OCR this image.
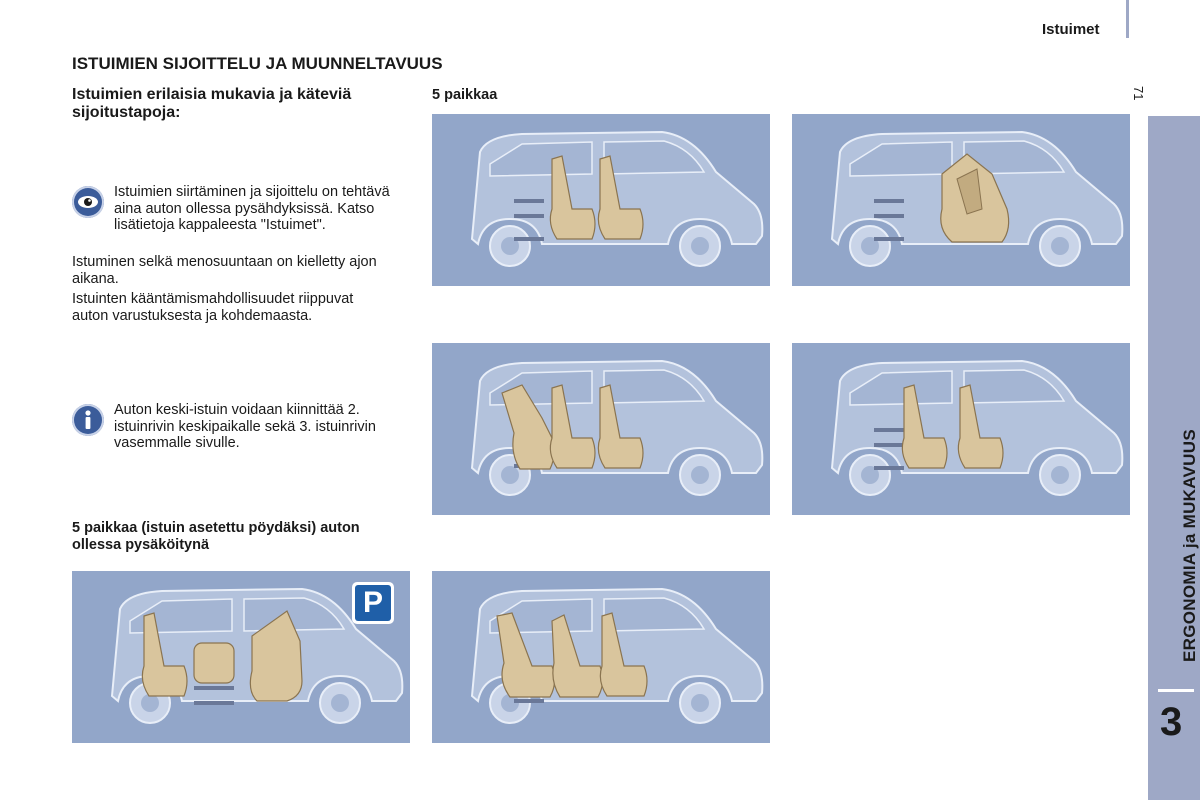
Istuimet
71
ERGONOMIA ja MUKAVUUS
3
ISTUIMIEN SIJOITTELU JA MUUNNELTAVUUS
Istuimien erilaisia mukavia ja käteviä sijoitustapoja:
Istuimien siirtäminen ja sijoittelu on tehtävä aina auton ollessa pysähdyksissä. Katso lisätietoja kappaleesta "Istuimet".
Istuminen selkä menosuuntaan on kielletty ajon aikana.
Istuinten kääntämismahdollisuudet riippuvat auton varustuksesta ja kohdemaasta.
Auton keski-istuin voidaan kiinnittää 2. istuinrivin keskipaikalle sekä 3. istuinrivin vasemmalle sivulle.
5 paikkaa
5 paikkaa (istuin asetettu pöydäksi) auton ollessa pysäköitynä
P
